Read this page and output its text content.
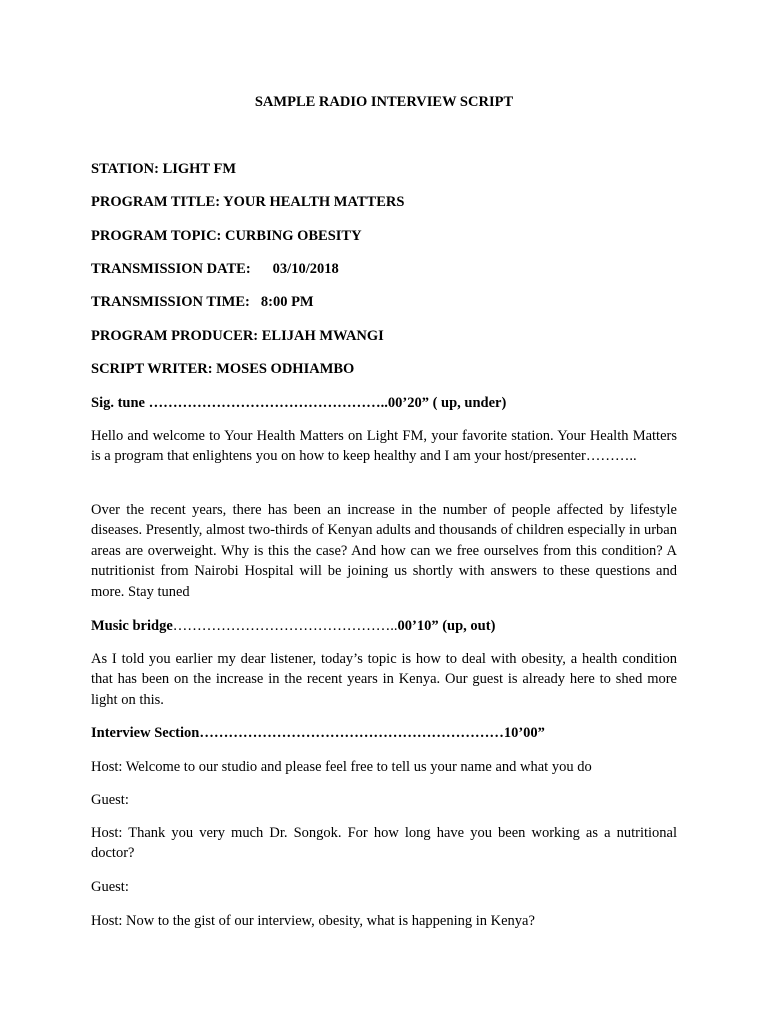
SAMPLE RADIO INTERVIEW SCRIPT
STATION: LIGHT FM
PROGRAM TITLE: YOUR HEALTH MATTERS
PROGRAM TOPIC: CURBING OBESITY
TRANSMISSION DATE: 03/10/2018
TRANSMISSION TIME: 8:00 PM
PROGRAM PRODUCER: ELIJAH MWANGI
SCRIPT WRITER: MOSES ODHIAMBO
Sig. tune …………………………………………..00’20” ( up, under)
Hello and welcome to Your Health Matters on Light FM, your favorite station. Your Health Matters is a program that enlightens you on how to keep healthy and I am your host/presenter………..
Over the recent years, there has been an increase in the number of people affected by lifestyle diseases. Presently, almost two-thirds of Kenyan adults and thousands of children especially in urban areas are overweight. Why is this the case? And how can we free ourselves from this condition? A nutritionist from Nairobi Hospital will be joining us shortly with answers to these questions and more. Stay tuned
Music bridge………………………………………..00’10” (up, out)
As I told you earlier my dear listener, today’s topic is how to deal with obesity, a health condition that has been on the increase in the recent years in Kenya. Our guest is already here to shed more light on this.
Interview Section………………………………………………………10’00”
Host: Welcome to our studio and please feel free to tell us your name and what you do
Guest:
Host: Thank you very much Dr. Songok. For how long have you been working as a nutritional doctor?
Guest:
Host: Now to the gist of our interview, obesity, what is happening in Kenya?
